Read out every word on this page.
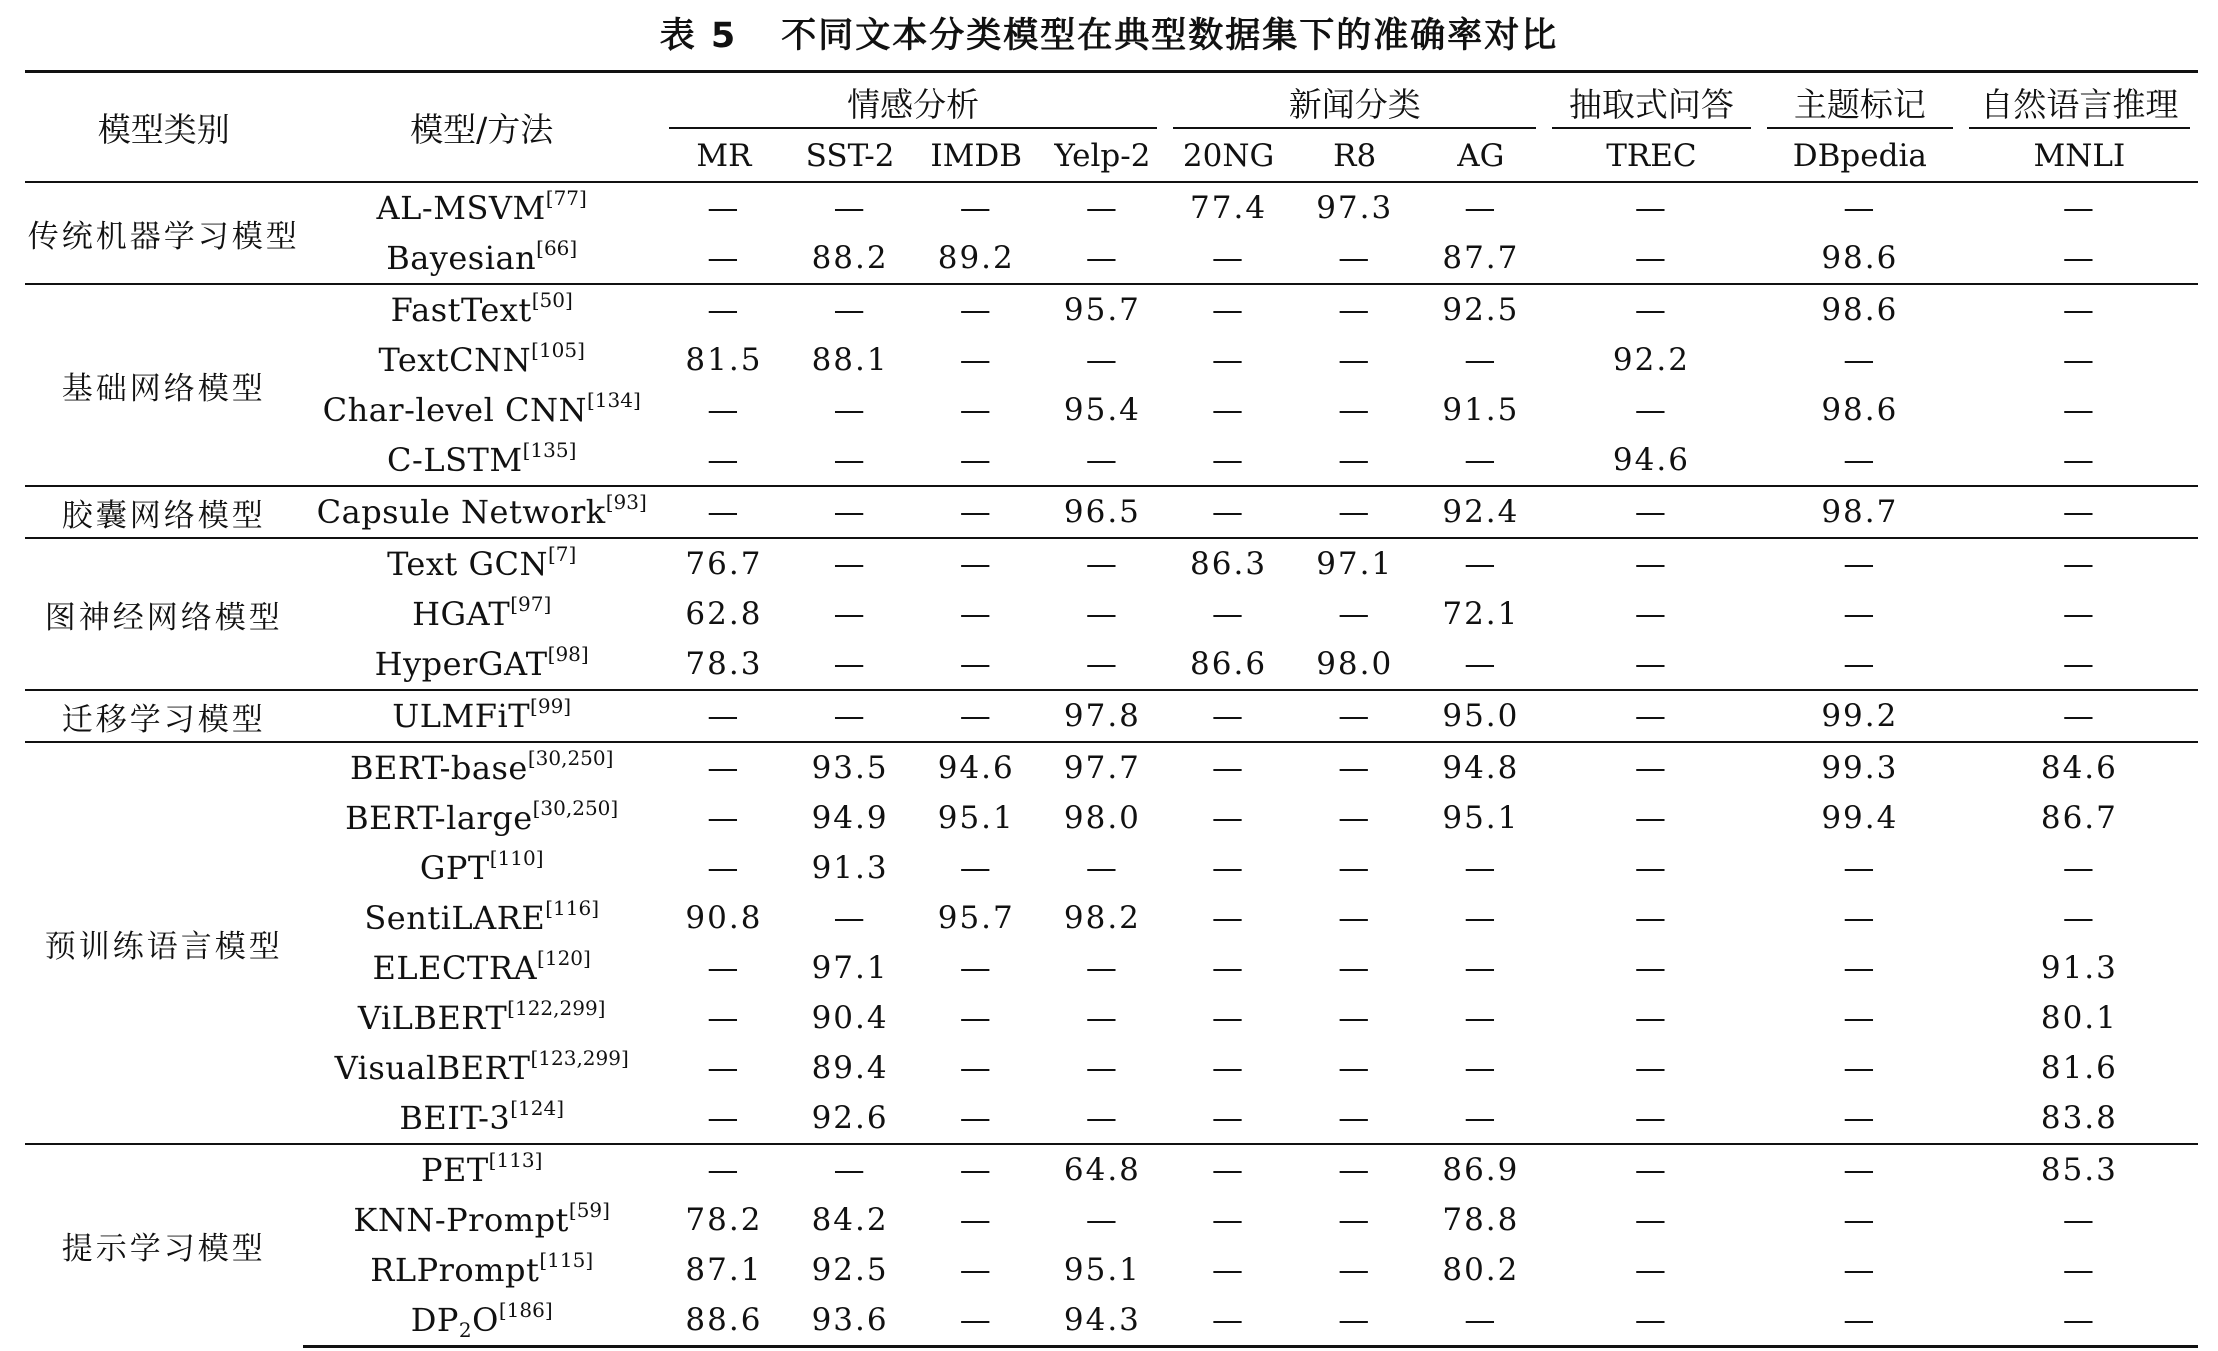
表 5 不同文本分类模型在典型数据集下的准确率对比
模型类别	模型/方法	情感分析				新闻分类			抽取式问答	主题标记	自然语言推理
		MR	SST-2	IMDB	Yelp-2	20NG	R8	AG	TREC	DBpedia	MNLI
传统机器学习模型	AL-MSVM[77]	—	—	—	—	77.4	97.3	—	—	—	—
	Bayesian[66]	—	88.2	89.2	—	—	—	87.7	—	98.6	—
基础网络模型	FastText[50]	—	—	—	95.7	—	—	92.5	—	98.6	—
	TextCNN[105]	81.5	88.1	—	—	—	—	—	92.2	—	—
	Char-level CNN[134]	—	—	—	95.4	—	—	91.5	—	98.6	—
	C-LSTM[135]	—	—	—	—	—	—	—	94.6	—	—
胶囊网络模型	Capsule Network[93]	—	—	—	96.5	—	—	92.4	—	98.7	—
图神经网络模型	Text GCN[7]	76.7	—	—	—	86.3	97.1	—	—	—	—
	HGAT[97]	62.8	—	—	—	—	—	72.1	—	—	—
	HyperGAT[98]	78.3	—	—	—	86.6	98.0	—	—	—	—
迁移学习模型	ULMFiT[99]	—	—	—	97.8	—	—	95.0	—	99.2	—
预训练语言模型	BERT-base[30,250]	—	93.5	94.6	97.7	—	—	94.8	—	99.3	84.6
	BERT-large[30,250]	—	94.9	95.1	98.0	—	—	95.1	—	99.4	86.7
	GPT[110]	—	91.3	—	—	—	—	—	—	—	—
	SentiLARE[116]	90.8	—	95.7	98.2	—	—	—	—	—	—
	ELECTRA[120]	—	97.1	—	—	—	—	—	—	—	91.3
	ViLBERT[122,299]	—	90.4	—	—	—	—	—	—	—	80.1
	VisualBERT[123,299]	—	89.4	—	—	—	—	—	—	—	81.6
	BEIT-3[124]	—	92.6	—	—	—	—	—	—	—	83.8
提示学习模型	PET[113]	—	—	—	64.8	—	—	86.9	—	—	85.3
	KNN-Prompt[59]	78.2	84.2	—	—	—	—	78.8	—	—	—
	RLPrompt[115]	87.1	92.5	—	95.1	—	—	80.2	—	—	—
	$DP_2O[186]$	88.6	93.6	—	94.3	—	—	—	—	—	—
